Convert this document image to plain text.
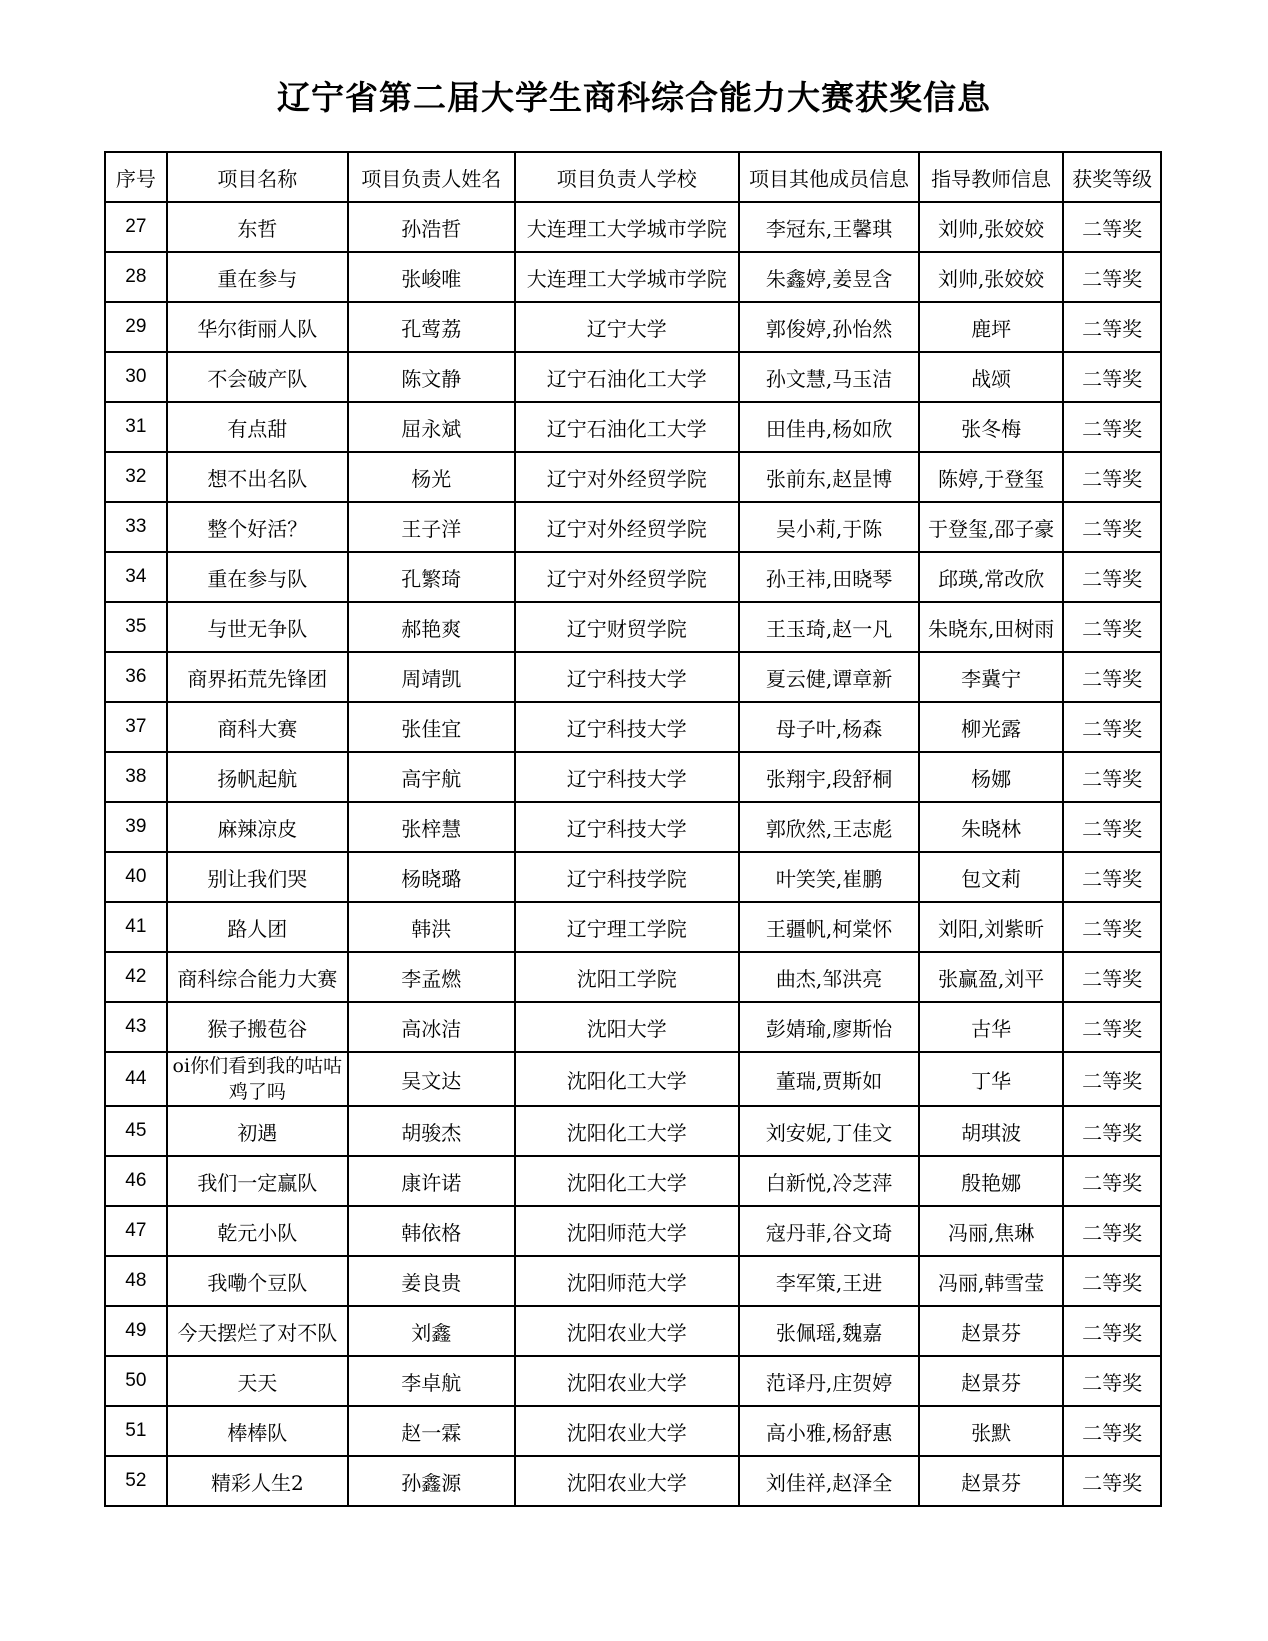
辽宁省第二届大学生商科综合能力大赛获奖信息
序号	项目名称	项目负责人姓名	项目负责人学校	项目其他成员信息	指导教师信息	获奖等级
27	东哲	孙浩哲	大连理工大学城市学院	李冠东,王馨琪	刘帅,张姣姣	二等奖
28	重在参与	张峻唯	大连理工大学城市学院	朱鑫婷,姜昱含	刘帅,张姣姣	二等奖
29	华尔街丽人队	孔莺荔	辽宁大学	郭俊婷,孙怡然	鹿坪	二等奖
30	不会破产队	陈文静	辽宁石油化工大学	孙文慧,马玉洁	战颂	二等奖
31	有点甜	屈永斌	辽宁石油化工大学	田佳冉,杨如欣	张冬梅	二等奖
32	想不出名队	杨光	辽宁对外经贸学院	张前东,赵昰博	陈婷,于登玺	二等奖
33	整个好活？	王子洋	辽宁对外经贸学院	吴小莉,于陈	于登玺,邵子豪	二等奖
34	重在参与队	孔繁琦	辽宁对外经贸学院	孙王祎,田晓琴	邱瑛,常改欣	二等奖
35	与世无争队	郝艳爽	辽宁财贸学院	王玉琦,赵一凡	朱晓东,田树雨	二等奖
36	商界拓荒先锋团	周靖凯	辽宁科技大学	夏云健,谭章新	李冀宁	二等奖
37	商科大赛	张佳宜	辽宁科技大学	母子叶,杨森	柳光露	二等奖
38	扬帆起航	高宇航	辽宁科技大学	张翔宇,段舒桐	杨娜	二等奖
39	麻辣凉皮	张梓慧	辽宁科技大学	郭欣然,王志彪	朱晓林	二等奖
40	别让我们哭	杨晓璐	辽宁科技学院	叶笑笑,崔鹏	包文莉	二等奖
41	路人团	韩洪	辽宁理工学院	王疆帆,柯棠怀	刘阳,刘紫昕	二等奖
42	商科综合能力大赛	李孟燃	沈阳工学院	曲杰,邹洪亮	张赢盈,刘平	二等奖
43	猴子搬苞谷	高冰洁	沈阳大学	彭婧瑜,廖斯怡	古华	二等奖
44	oi你们看到我的咕咕鸡了吗	吴文达	沈阳化工大学	董瑞,贾斯如	丁华	二等奖
45	初遇	胡骏杰	沈阳化工大学	刘安妮,丁佳文	胡琪波	二等奖
46	我们一定赢队	康许诺	沈阳化工大学	白新悦,冷芝萍	殷艳娜	二等奖
47	乾元小队	韩依格	沈阳师范大学	寇丹菲,谷文琦	冯丽,焦琳	二等奖
48	我嘞个豆队	姜良贵	沈阳师范大学	李军策,王进	冯丽,韩雪莹	二等奖
49	今天摆烂了对不队	刘鑫	沈阳农业大学	张佩瑶,魏嘉	赵景芬	二等奖
50	天天	李卓航	沈阳农业大学	范译丹,庄贺婷	赵景芬	二等奖
51	棒棒队	赵一霖	沈阳农业大学	高小雅,杨舒惠	张默	二等奖
52	精彩人生2	孙鑫源	沈阳农业大学	刘佳祥,赵泽全	赵景芬	二等奖
